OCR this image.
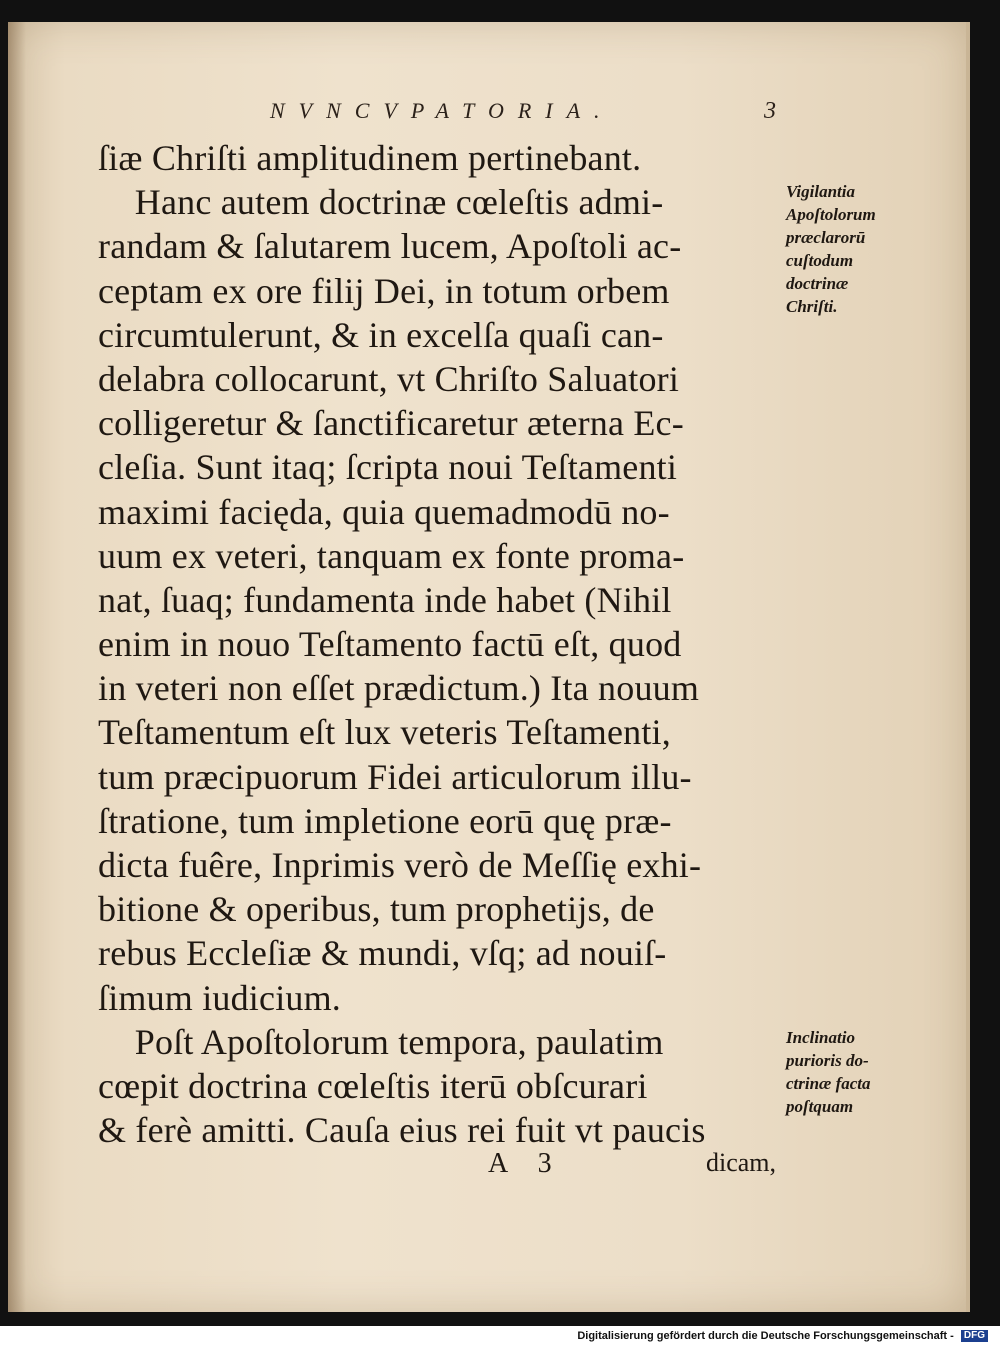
NVNCVPATORIA.	3
ſiæ Chriſti amplitudinem pertinebant.
Hanc autem doctrinæ cœleſtis admi-
randam & ſalutarem lucem, Apoſtoli ac-
ceptam ex ore filij Dei, in totum orbem
circumtulerunt, & in excelſa quaſi can-
delabra collocarunt, vt Chriſto Saluatori
colligeretur & ſanctificaretur æterna Ec-
cleſia. Sunt itaq; ſcripta noui Teſtamenti
maximi facięda, quia quemadmodū no-
uum ex veteri, tanquam ex fonte proma-
nat, ſuaq; fundamenta inde habet (Nihil
enim in nouo Teſtamento factū eſt, quod
in veteri non eſſet prædictum.) Ita nouum
Teſtamentum eſt lux veteris Teſtamenti,
tum præcipuorum Fidei articulorum illu-
ſtratione, tum impletione eorū quę præ-
dicta fuêre, Inprimis verò de Meſſię exhi-
bitione & operibus, tum prophetijs, de
rebus Eccleſiæ & mundi, vſq; ad nouiſ-
ſimum iudicium.
Poſt Apoſtolorum tempora, paulatim
cœpit doctrina cœleſtis iterū obſcurari
& ferè amitti. Cauſa eius rei fuit vt paucis
Vigilantia
Apoſtolorum
præclarorū
cuſtodum
doctrinæ
Chriſti.
Inclinatio
purioris do-
ctrinæ facta
poſtquam
A 3	dicam,
Digitalisierung gefördert durch die Deutsche Forschungsgemeinschaft - DFG
